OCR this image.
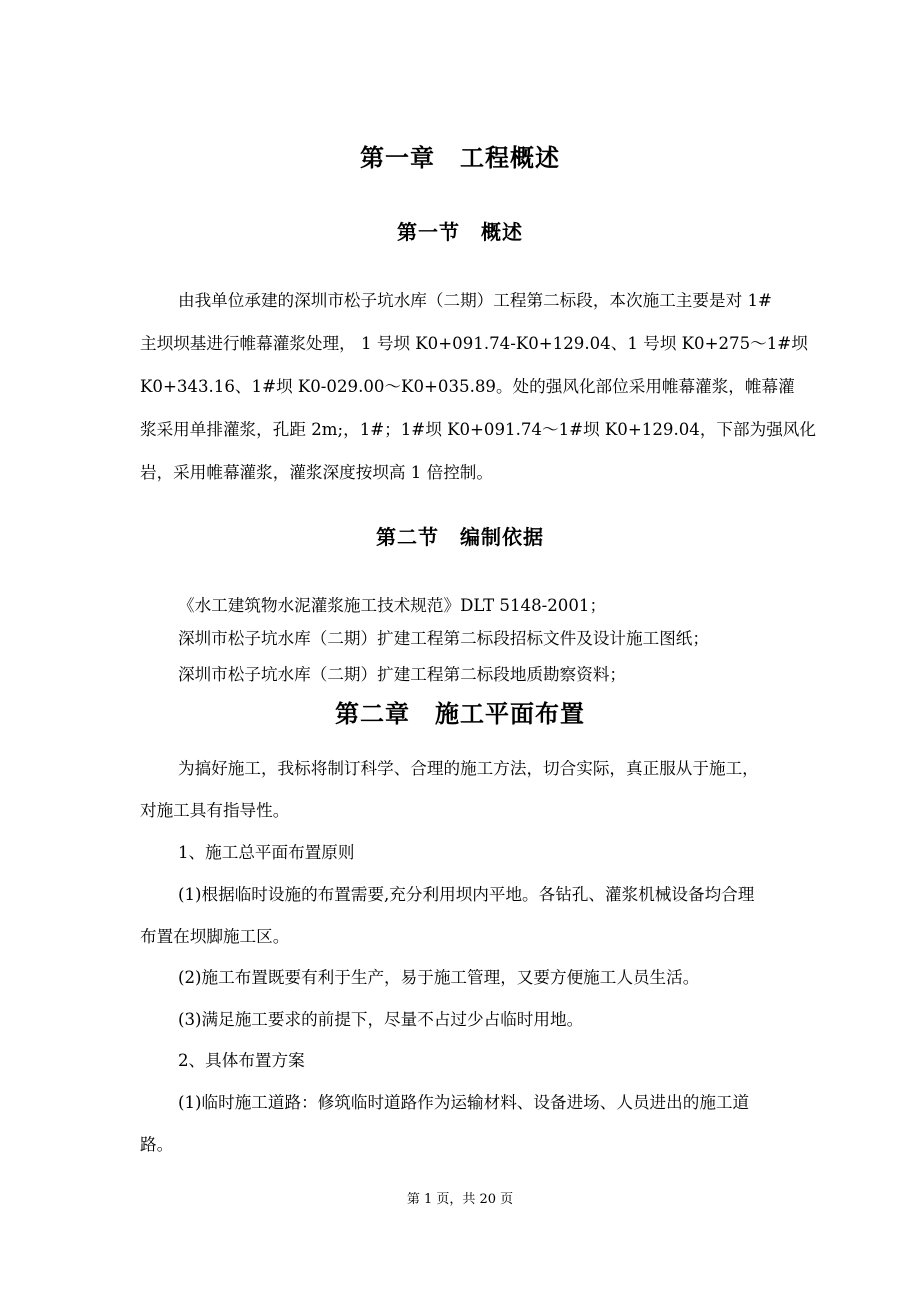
第一章　工程概述
第一节　概述

由我单位承建的深圳市松子坑水库（二期）工程第二标段，本次施工主要是对 1#

主坝坝基进行帷幕灌浆处理， 1 号坝 K0+091.74-K0+129.04、1 号坝 K0+275～1#坝

K0+343.16、1#坝 K0-029.00～K0+035.89。处的强风化部位采用帷幕灌浆，帷幕灌

浆采用单排灌浆，孔距 2m;，1#；1#坝 K0+091.74～1#坝 K0+129.04，下部为强风化

岩，采用帷幕灌浆，灌浆深度按坝高 1 倍控制。

第二节　编制依据

《水工建筑物水泥灌浆施工技术规范》DLT 5148-2001；

深圳市松子坑水库（二期）扩建工程第二标段招标文件及设计施工图纸；

深圳市松子坑水库（二期）扩建工程第二标段地质勘察资料；

第二章　施工平面布置

为搞好施工，我标将制订科学、合理的施工方法，切合实际，真正服从于施工，

对施工具有指导性。

1、施工总平面布置原则

(1)根据临时设施的布置需要,充分利用坝内平地。各钻孔、灌浆机械设备均合理

布置在坝脚施工区。

(2)施工布置既要有利于生产，易于施工管理，又要方便施工人员生活。

(3)满足施工要求的前提下，尽量不占过少占临时用地。

2、具体布置方案

(1)临时施工道路：修筑临时道路作为运输材料、设备进场、人员进出的施工道

路。

第 1 页，共 20 页
